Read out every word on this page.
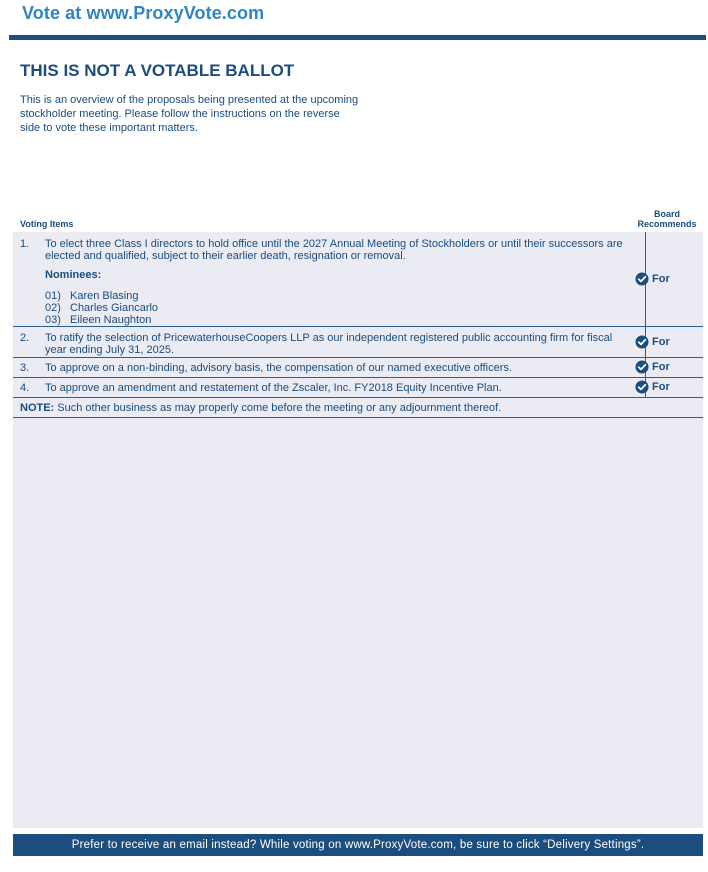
Vote at www.ProxyVote.com
THIS IS NOT A VOTABLE BALLOT
This is an overview of the proposals being presented at the upcoming stockholder meeting. Please follow the instructions on the reverse side to vote these important matters.
Voting Items
Board
Recommends
1. To elect three Class I directors to hold office until the 2027 Annual Meeting of Stockholders or until their successors are elected and qualified, subject to their earlier death, resignation or removal.
Nominees:
01) Karen Blasing
02) Charles Giancarlo
03) Eileen Naughton
For
2. To ratify the selection of PricewaterhouseCoopers LLP as our independent registered public accounting firm for fiscal year ending July 31, 2025.
For
3. To approve on a non-binding, advisory basis, the compensation of our named executive officers.	For
4. To approve an amendment and restatement of the Zscaler, Inc. FY2018 Equity Incentive Plan.	For
NOTE: Such other business as may properly come before the meeting or any adjournment thereof.
Prefer to receive an email instead? While voting on www.ProxyVote.com, be sure to click “Delivery Settings”.
